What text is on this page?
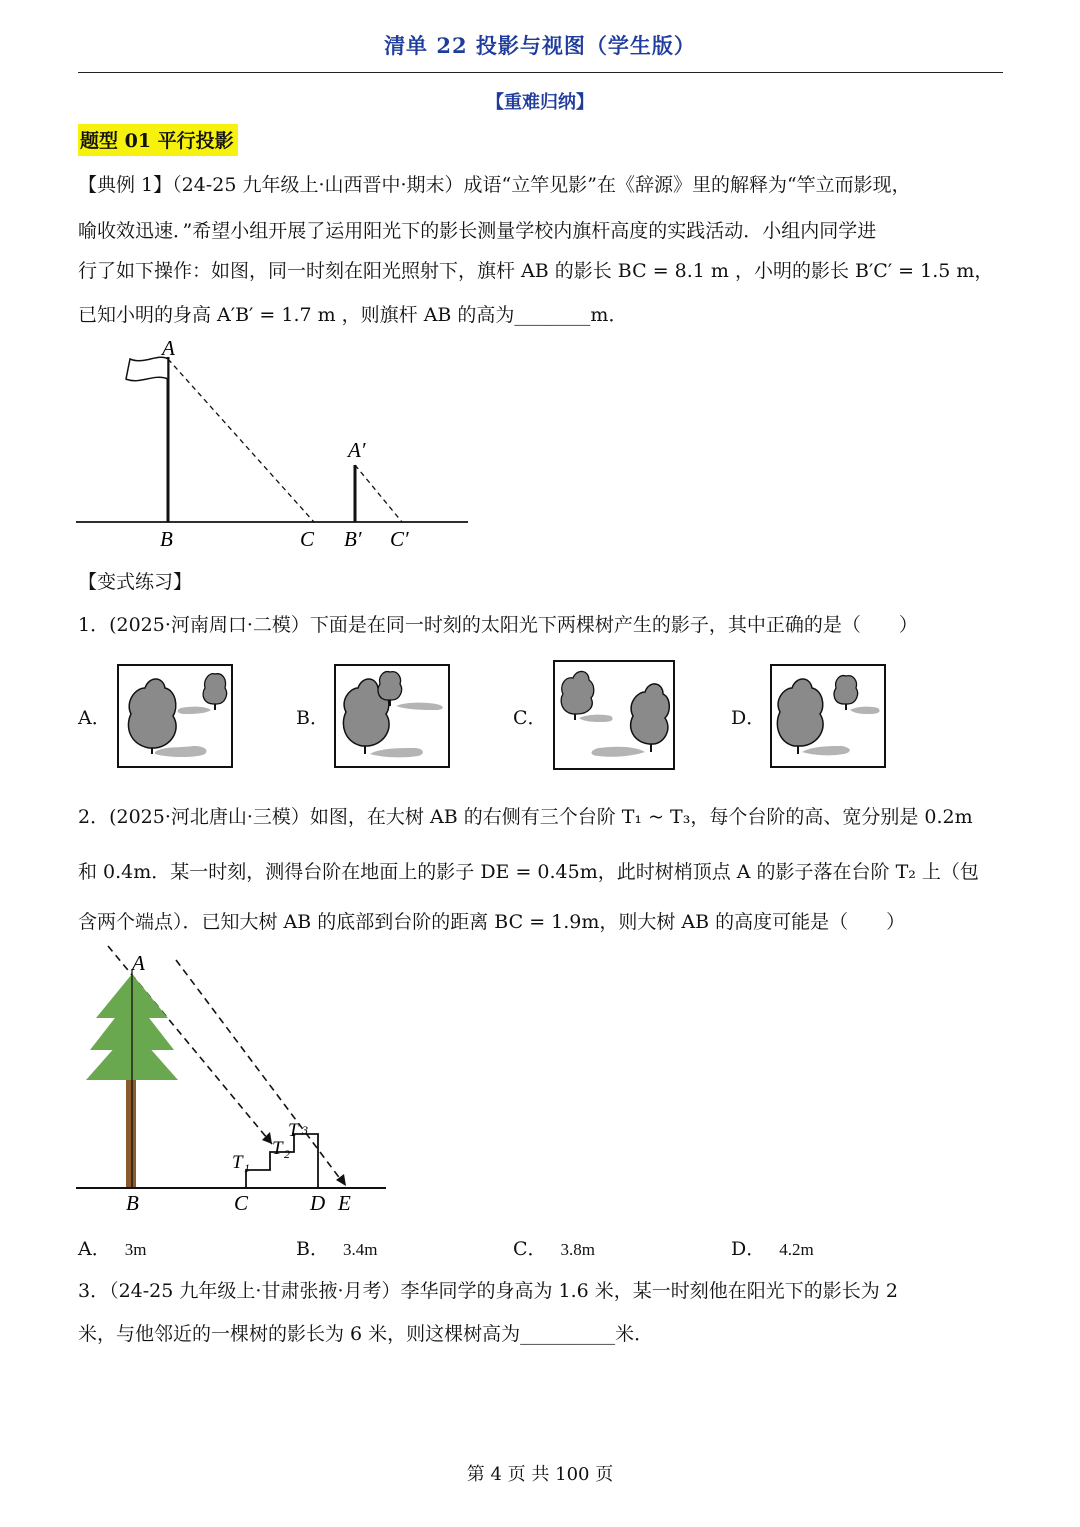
清单 22 投影与视图（学生版）
【重难归纳】
题型 01 平行投影
【典例 1】（24-25 九年级上·山西晋中·期末）成语“立竿见影”在《辞源》里的解释为“竿立而影现，
喻收效迅速．”希望小组开展了运用阳光下的影长测量学校内旗杆高度的实践活动．小组内同学进
行了如下操作：如图，同一时刻在阳光照射下，旗杆 AB 的影长 BC = 8.1 m ，小明的影长 B′C′ = 1.5 m，
已知小明的身高 A′B′ = 1.7 m ，则旗杆 AB 的高为________m．
A
B	C
A′
B′ C′
【变式练习】
1．(2025·河南周口·二模）下面是在同一时刻的太阳光下两棵树产生的影子，其中正确的是（　　）
A．	B．	C．	D．
2．(2025·河北唐山·三模）如图，在大树 AB 的右侧有三个台阶 T₁ ~ T₃，每个台阶的高、宽分别是 0.2m
和 0.4m．某一时刻，测得台阶在地面上的影子 DE = 0.45m，此时树梢顶点 A 的影子落在台阶 T₂ 上（包
含两个端点）．已知大树 AB 的底部到台阶的距离 BC = 1.9m，则大树 AB 的高度可能是（　　）
A
B	C	D E
T 1
T 2
T 3
A． 3m	B． 3.4m	C． 3.8m	D． 4.2m
3．（24-25 九年级上·甘肃张掖·月考）李华同学的身高为 1.6 米，某一时刻他在阳光下的影长为 2
米，与他邻近的一棵树的影长为 6 米，则这棵树高为__________米．
第 4 页 共 100 页
